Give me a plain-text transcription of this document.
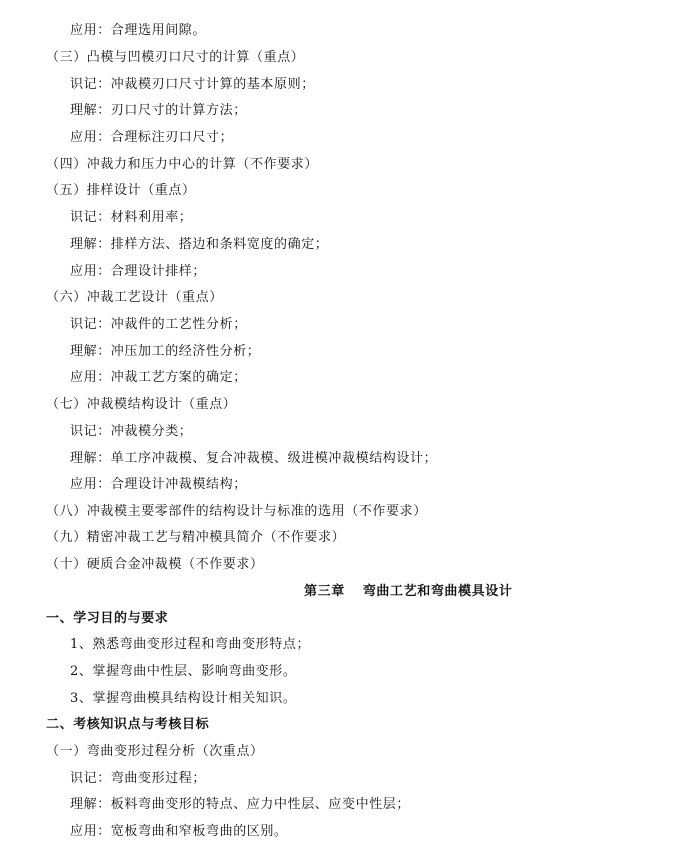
应用：合理选用间隙。
（三）凸模与凹模刃口尺寸的计算（重点）
识记：冲裁模刃口尺寸计算的基本原则；
理解：刃口尺寸的计算方法；
应用：合理标注刃口尺寸；
（四）冲裁力和压力中心的计算（不作要求）
（五）排样设计（重点）
识记：材料利用率；
理解：排样方法、搭边和条料宽度的确定；
应用：合理设计排样；
（六）冲裁工艺设计（重点）
识记：冲裁件的工艺性分析；
理解：冲压加工的经济性分析；
应用：冲裁工艺方案的确定；
（七）冲裁模结构设计（重点）
识记：冲裁模分类；
理解：单工序冲裁模、复合冲裁模、级进模冲裁模结构设计；
应用：合理设计冲裁模结构；
（八）冲裁模主要零部件的结构设计与标准的选用（不作要求）
（九）精密冲裁工艺与精冲模具简介（不作要求）
（十）硬质合金冲裁模（不作要求）
第三章 弯曲工艺和弯曲模具设计
一、学习目的与要求
1、熟悉弯曲变形过程和弯曲变形特点；
2、掌握弯曲中性层、影响弯曲变形。
3、掌握弯曲模具结构设计相关知识。
二、考核知识点与考核目标
（一）弯曲变形过程分析（次重点）
识记：弯曲变形过程；
理解：板料弯曲变形的特点、应力中性层、应变中性层；
应用：宽板弯曲和窄板弯曲的区别。
